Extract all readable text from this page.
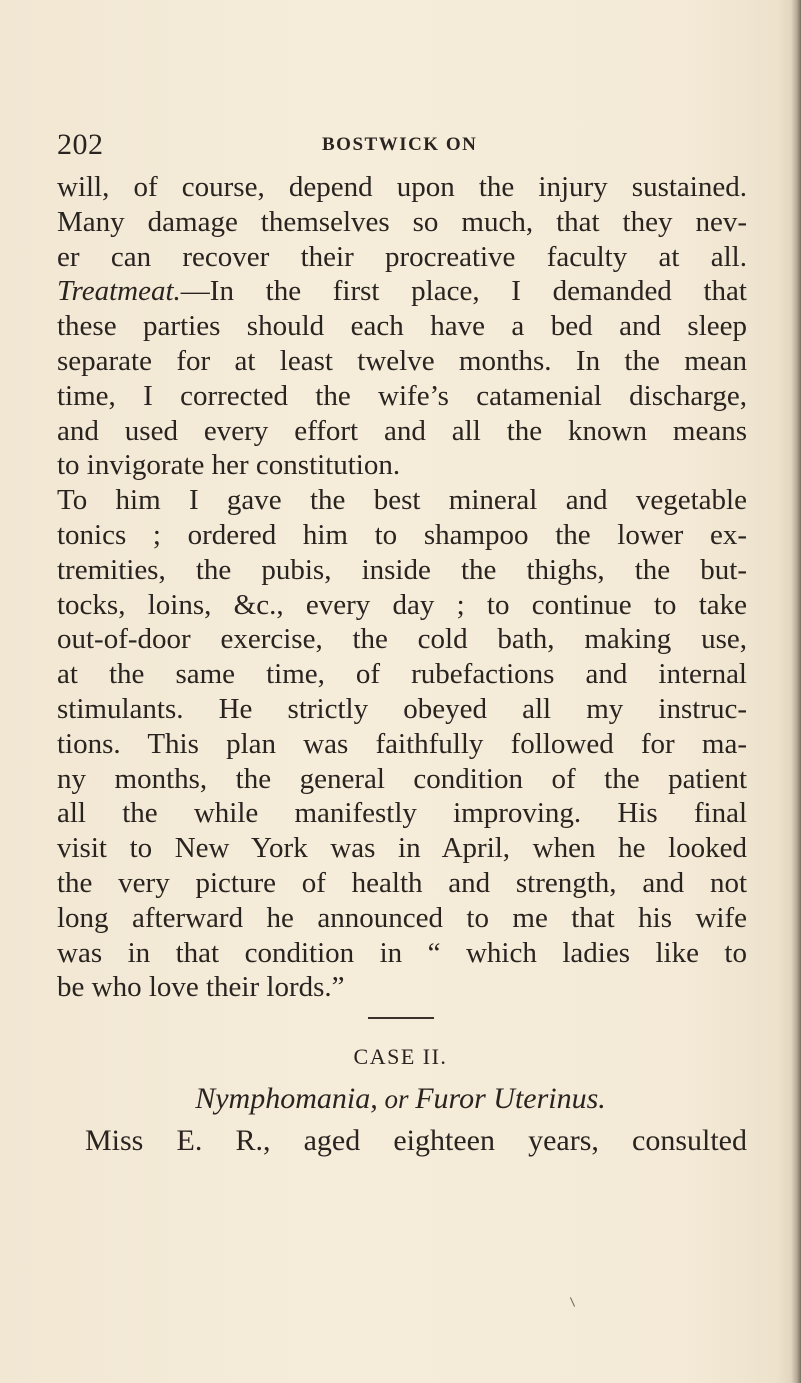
202	BOSTWICK ON
will, of course, depend upon the injury sustained.
Many damage themselves so much, that they nev-
er can recover their procreative faculty at all.
Treatmeat.—In the first place, I demanded that
these parties should each have a bed and sleep
separate for at least twelve months. In the mean
time, I corrected the wife’s catamenial discharge,
and used every effort and all the known means
to invigorate her constitution.
To him I gave the best mineral and vegetable
tonics ; ordered him to shampoo the lower ex-
tremities, the pubis, inside the thighs, the but-
tocks, loins, &c., every day ; to continue to take
out-of-door exercise, the cold bath, making use,
at the same time, of rubefactions and internal
stimulants. He strictly obeyed all my instruc-
tions. This plan was faithfully followed for ma-
ny months, the general condition of the patient
all the while manifestly improving. His final
visit to New York was in April, when he looked
the very picture of health and strength, and not
long afterward he announced to me that his wife
was in that condition in “ which ladies like to
be who love their lords.”
CASE II.
Nymphomania, or Furor Uterinus.
Miss E. R., aged eighteen years, consulted
